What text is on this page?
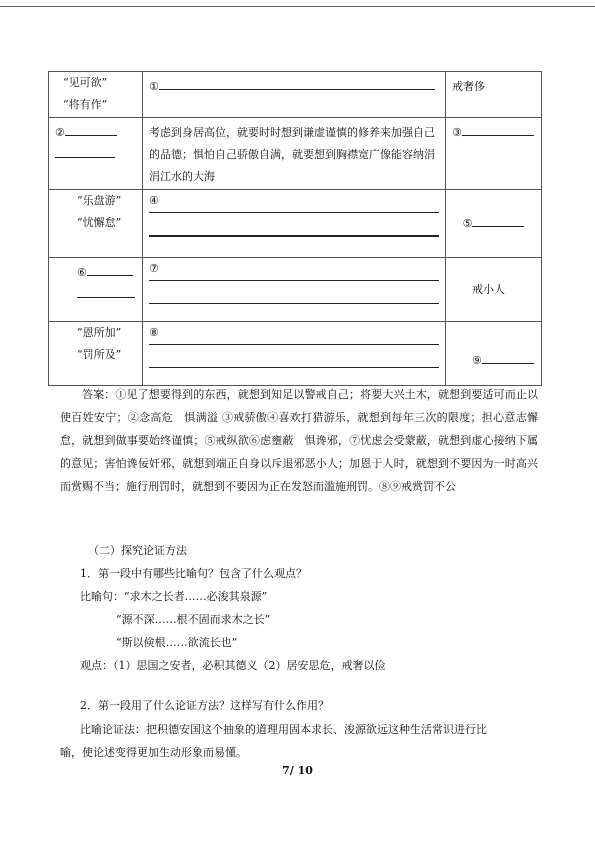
“见可欲”
“将有作”	①	戒奢侈

②	考虑到身居高位，就要时时想到谦虚谨慎的修养来加强自己的品德；惧怕自己骄傲自满，就要想到胸襟宽广像能容纳涓涓江水的大海	③

“乐盘游”
“忧懈怠”	④	⑤

⑥	⑦	戒小人

“恩所加”
“罚所及”	⑧	⑨
答案：①见了想要得到的东西，就想到知足以警戒自己；将要大兴土木，就想到要适可而止以使百姓安宁；②念高危　惧满溢 ③戒骄傲④喜欢打猎游乐，就想到每年三次的限度；担心意志懈怠，就想到做事要始终谨慎；⑤戒纵欲⑥虑壅蔽　惧谗邪，⑦忧虑会受蒙蔽，就想到虚心接纳下属的意见；害怕谗佞奸邪，就想到端正自身以斥退邪恶小人；加恩于人时，就想到不要因为一时高兴而赏赐不当；施行刑罚时，就想到不要因为正在发怒而滥施刑罚。⑧⑨戒赏罚不公
（二）探究论证方法
1．第一段中有哪些比喻句？包含了什么观点？
比喻句：“求木之长者……必浚其泉源”
“源不深……根不固而求木之长”
“斯以倹根……欲流长也”
观点：（1）思国之安者，必积其德义（2）居安思危，戒奢以俭
2．第一段用了什么论证方法？这样写有什么作用？
比喻论证法：把积德安国这个抽象的道理用固本求长、浚源欲远这种生活常识进行比
喻，使论述变得更加生动形象而易懂。
7/ 10
